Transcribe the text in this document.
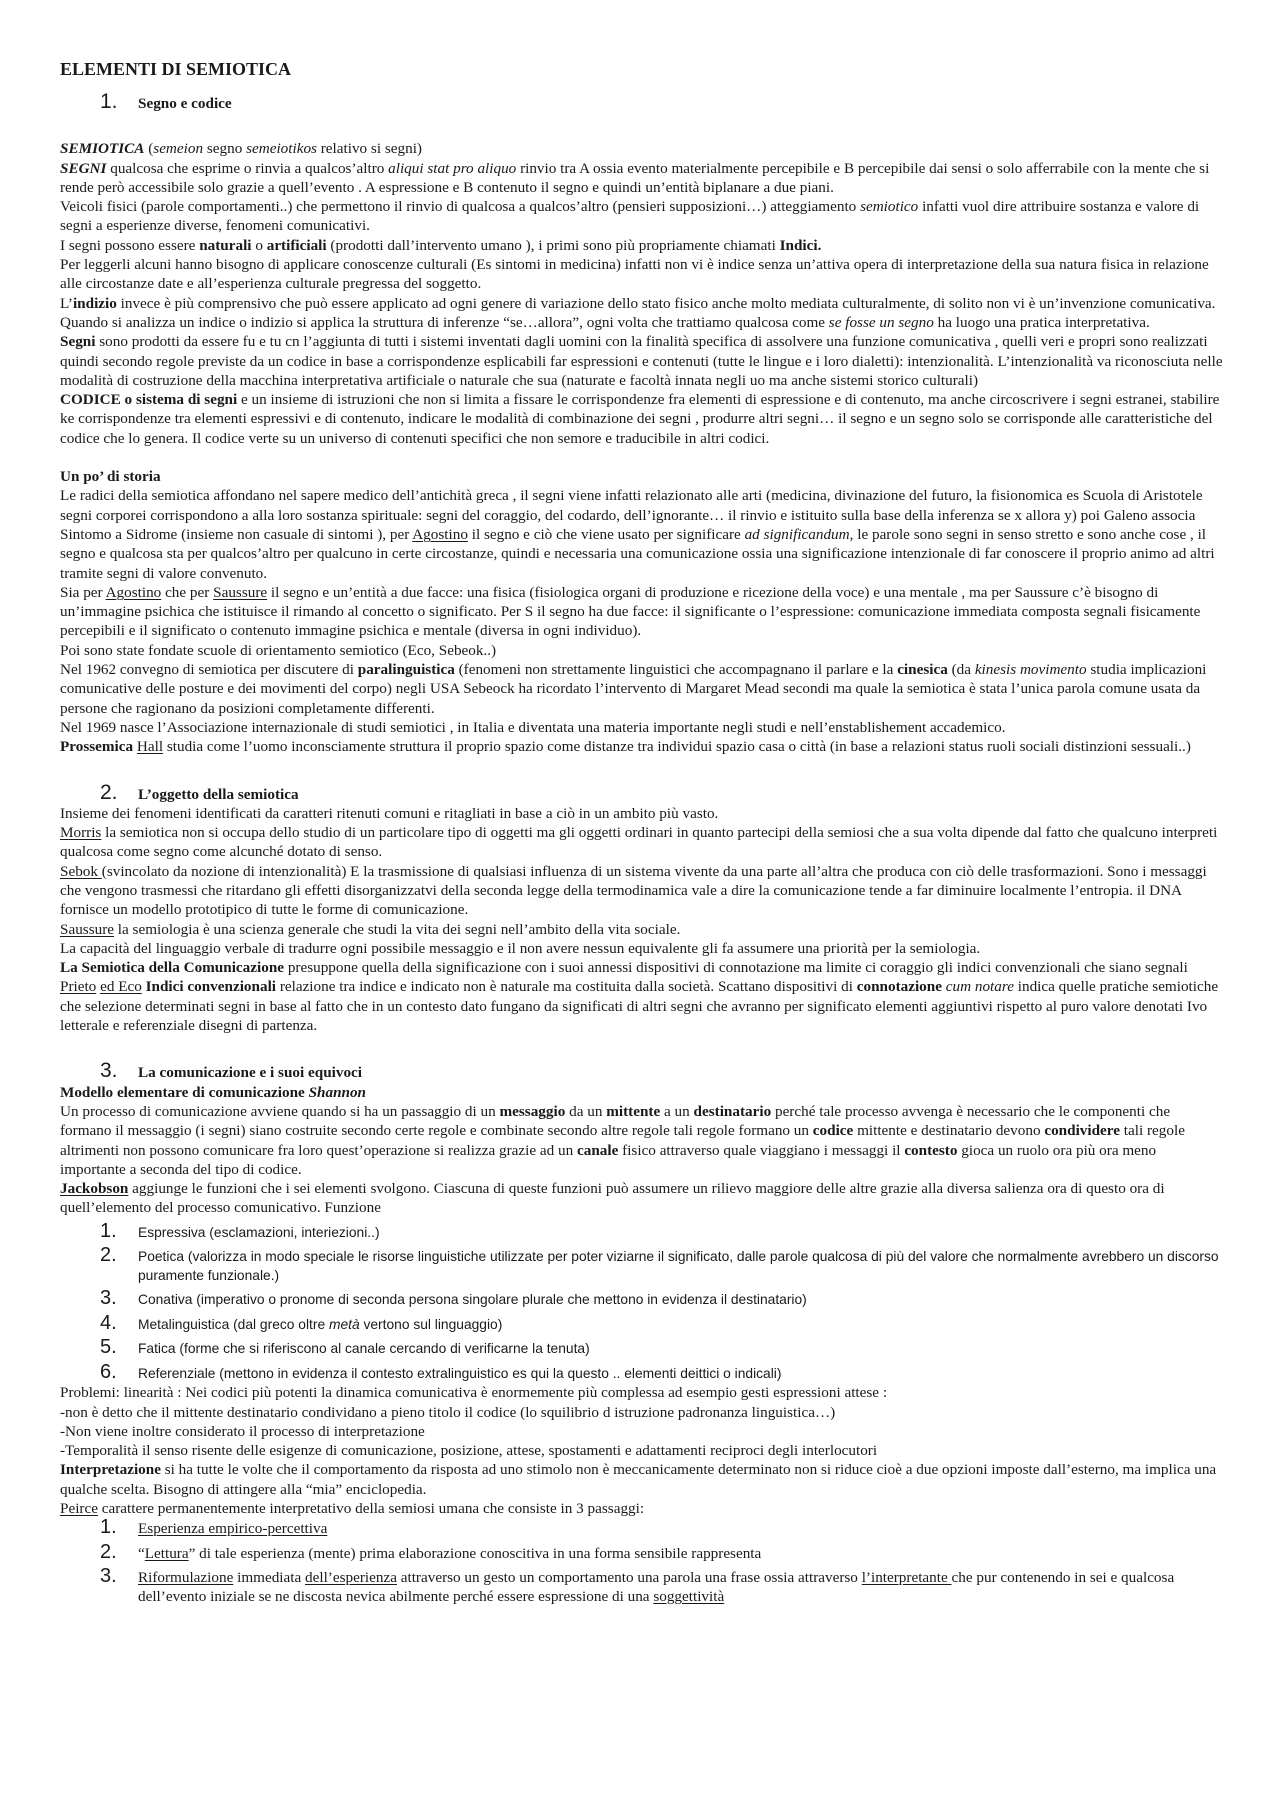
ELEMENTI DI SEMIOTICA
1.	Segno e codice

SEMIOTICA (semeion segno semeiotikos relativo si segni)

SEGNI qualcosa che esprime o rinvia a qualcos’altro aliqui stat pro aliquo rinvio tra A ossia evento materialmente percepibile e B percepibile dai sensi o solo afferrabile con la mente che si rende però accessibile solo grazie a quell’evento . A espressione e B contenuto il segno e quindi un’entità biplanare a due piani.

Veicoli fisici (parole comportamenti..) che permettono il rinvio di qualcosa a qualcos’altro (pensieri supposizioni…) atteggiamento semiotico infatti vuol dire attribuire sostanza e valore di segni a esperienze diverse, fenomeni comunicativi.

I segni possono essere naturali o artificiali (prodotti dall’intervento umano ), i primi sono più propriamente chiamati Indici.

Per leggerli alcuni hanno bisogno di applicare conoscenze culturali (Es sintomi in medicina) infatti non vi è indice senza un’attiva opera di interpretazione della sua natura fisica in relazione alle circostanze date e all’esperienza culturale pregressa del soggetto.

L’indizio invece è più comprensivo che può essere applicato ad ogni genere di variazione dello stato fisico anche molto mediata culturalmente, di solito non vi è un’invenzione comunicativa.

Quando si analizza un indice o indizio si applica la struttura di inferenze “se…allora”, ogni volta che trattiamo qualcosa come se fosse un segno ha luogo una pratica interpretativa.

Segni sono prodotti da essere fu e tu cn l’aggiunta di tutti i sistemi inventati dagli uomini con la finalità specifica di assolvere una funzione comunicativa , quelli veri e propri sono realizzati quindi secondo regole previste da un codice in base a corrispondenze esplicabili far espressioni e contenuti (tutte le lingue e i loro dialetti): intenzionalità. L’intenzionalità va riconosciuta nelle modalità di costruzione della macchina interpretativa artificiale o naturale che sua (naturate e facoltà innata negli uo ma anche sistemi storico culturali)

CODICE o sistema di segni e un insieme di istruzioni che non si limita a fissare le corrispondenze fra elementi di espressione e di contenuto, ma anche circoscrivere i segni estranei, stabilire ke corrispondenze tra elementi espressivi e di contenuto, indicare le modalità di combinazione dei segni , produrre altri segni… il segno e un segno solo se corrisponde alle caratteristiche del codice che lo genera. Il codice verte su un universo di contenuti specifici che non semore e traducibile in altri codici.

Un po’ di storia

Le radici della semiotica affondano nel sapere medico dell’antichità greca , il segni viene infatti relazionato alle arti (medicina, divinazione del futuro, la fisionomica es Scuola di Aristotele segni corporei corrispondono a alla loro sostanza spirituale: segni del coraggio, del codardo, dell’ignorante… il rinvio e istituito sulla base della inferenza se x allora y) poi Galeno associa Sintomo a Sidrome (insieme non casuale di sintomi ), per Agostino il segno e ciò che viene usato per significare ad significandum, le parole sono segni in senso stretto e sono anche cose , il segno e qualcosa sta per qualcos’altro per qualcuno in certe circostanze, quindi e necessaria una comunicazione ossia una significazione intenzionale di far conoscere il proprio animo ad altri tramite segni di valore convenuto.

Sia per Agostino che per Saussure il segno e un’entità a due facce: una fisica (fisiologica organi di produzione e ricezione della voce) e una mentale , ma per Saussure c’è bisogno di un’immagine psichica che istituisce il rimando al concetto o significato. Per S il segno ha due facce: il significante o l’espressione: comunicazione immediata composta segnali fisicamente percepibili e il significato o contenuto immagine psichica e mentale (diversa in ogni individuo).

Poi sono state fondate scuole di orientamento semiotico (Eco, Sebeok..)

Nel 1962 convegno di semiotica per discutere di paralinguistica (fenomeni non strettamente linguistici che accompagnano il parlare e la cinesica (da kinesis movimento studia implicazioni comunicative delle posture e dei movimenti del corpo) negli USA Sebeock ha ricordato l’intervento di Margaret Mead secondi ma quale la semiotica è stata l’unica parola comune usata da persone che ragionano da posizioni completamente differenti.

Nel 1969 nasce l’Associazione internazionale di studi semiotici , in Italia e diventata una materia importante negli studi e nell’enstablishement accademico.

Prossemica Hall studia come l’uomo inconsciamente struttura il proprio spazio come distanze tra individui spazio casa o città (in base a relazioni status ruoli sociali distinzioni sessuali..)

2.	L’oggetto della semiotica

Insieme dei fenomeni identificati da caratteri ritenuti comuni e ritagliati in base a ciò in un ambito più vasto.

Morris la semiotica non si occupa dello studio di un particolare tipo di oggetti ma gli oggetti ordinari in quanto partecipi della semiosi che a sua volta dipende dal fatto che qualcuno interpreti qualcosa come segno come alcunché dotato di senso.

Sebok (svincolato da nozione di intenzionalità) E la trasmissione di qualsiasi influenza di un sistema vivente da una parte all’altra che produca con ciò delle trasformazioni. Sono i messaggi che vengono trasmessi che ritardano gli effetti disorganizzatvi della seconda legge della termodinamica vale a dire la comunicazione tende a far diminuire localmente l’entropia. il DNA fornisce un modello prototipico di tutte le forme di comunicazione.

Saussure la semiologia è una scienza generale che studi la vita dei segni nell’ambito della vita sociale.

La capacità del linguaggio verbale di tradurre ogni possibile messaggio e il non avere nessun equivalente gli fa assumere una priorità per la semiologia.

La Semiotica della Comunicazione presuppone quella della significazione con i suoi annessi dispositivi di connotazione ma limite ci coraggio gli indici convenzionali che siano segnali Prieto ed Eco Indici convenzionali relazione tra indice e indicato non è naturale ma costituita dalla società. Scattano dispositivi di connotazione cum notare indica quelle pratiche semiotiche che selezione determinati segni in base al fatto che in un contesto dato fungano da significati di altri segni che avranno per significato elementi aggiuntivi rispetto al puro valore denotati Ivo letterale e referenziale disegni di partenza.

3.	La comunicazione e i suoi equivoci

Modello elementare di comunicazione Shannon

Un processo di comunicazione avviene quando si ha un passaggio di un messaggio da un mittente a un destinatario perché tale processo avvenga è necessario che le componenti che formano il messaggio (i segni) siano costruite secondo certe regole e combinate secondo altre regole tali regole formano un codice mittente e destinatario devono condividere tali regole altrimenti non possono comunicare fra loro quest’operazione si realizza grazie ad un canale fisico attraverso quale viaggiano i messaggi il contesto gioca un ruolo ora più ora meno importante a seconda del tipo di codice.

Jackobson aggiunge le funzioni che i sei elementi svolgono. Ciascuna di queste funzioni può assumere un rilievo maggiore delle altre grazie alla diversa salienza ora di questo ora di quell’elemento del processo comunicativo. Funzione

1.	Espressiva (esclamazioni, interiezioni..)
2.	Poetica (valorizza in modo speciale le risorse linguistiche utilizzate per poter viziarne il significato, dalle parole qualcosa di più del valore che normalmente avrebbero un discorso puramente funzionale.)
3.	Conativa (imperativo o pronome di seconda persona singolare plurale che mettono in evidenza il destinatario)
4.	Metalinguistica (dal greco oltre metà vertono sul linguaggio)
5.	Fatica (forme che si riferiscono al canale cercando di verificarne la tenuta)
6.	Referenziale (mettono in evidenza il contesto extralinguistico es qui la questo .. elementi deittici o indicali)

Problemi: linearità : Nei codici più potenti la dinamica comunicativa è enormemente più complessa ad esempio gesti espressioni attese :

-non è detto che il mittente destinatario condividano a pieno titolo il codice (lo squilibrio d istruzione padronanza linguistica…)

-Non viene inoltre considerato il processo di interpretazione

-Temporalità il senso risente delle esigenze di comunicazione, posizione, attese, spostamenti e adattamenti reciproci degli interlocutori

Interpretazione si ha tutte le volte che il comportamento da risposta ad uno stimolo non è meccanicamente determinato non si riduce cioè a due opzioni imposte dall’esterno, ma implica una qualche scelta. Bisogno di attingere alla “mia” enciclopedia.

Peirce carattere permanentemente interpretativo della semiosi umana che consiste in 3 passaggi:

1.	Esperienza empirico-percettiva
2.	“Lettura” di tale esperienza (mente) prima elaborazione conoscitiva in una forma sensibile rappresenta
3.	Riformulazione immediata dell’esperienza attraverso un gesto un comportamento una parola una frase ossia attraverso l’interpretante che pur contenendo in sei e qualcosa dell’evento iniziale se ne discosta nevica abilmente perché essere espressione di una soggettività
